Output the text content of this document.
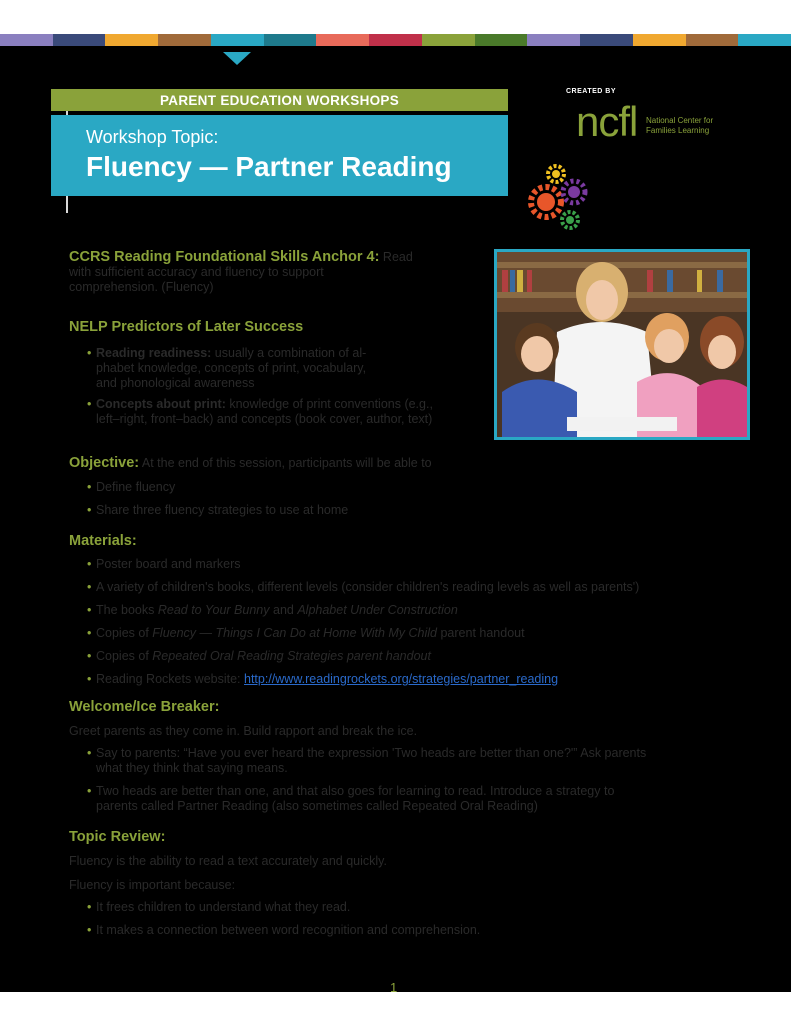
PARENT EDUCATION WORKSHOPS
Workshop Topic:
Fluency — Partner Reading
CREATED BY
ncfl National Center for
Families Learning
CCRS Reading Foundational Skills Anchor 4: Read
with sufficient accuracy and fluency to support
comprehension. (Fluency)
NELP Predictors of Later Success
• Reading readiness: usually a combination of al-
phabet knowledge, concepts of print, vocabulary,
and phonological awareness
• Concepts about print: knowledge of print conventions (e.g.,
left–right, front–back) and concepts (book cover, author, text)
Objective: At the end of this session, participants will be able to
• Define fluency
• Share three fluency strategies to use at home
Materials:
• Poster board and markers
• A variety of children's books, different levels (consider children's reading levels as well as parents')
• The books Read to Your Bunny and Alphabet Under Construction
• Copies of Fluency — Things I Can Do at Home With My Child parent handout
• Copies of Repeated Oral Reading Strategies parent handout
• Reading Rockets website: http://www.readingrockets.org/strategies/partner_reading
Welcome/Ice Breaker:
Greet parents as they come in. Build rapport and break the ice.
• Say to parents: “Have you ever heard the expression 'Two heads are better than one?'” Ask parents
what they think that saying means.
• Two heads are better than one, and that also goes for learning to read. Introduce a strategy to
parents called Partner Reading (also sometimes called Repeated Oral Reading)
Topic Review:
Fluency is the ability to read a text accurately and quickly.
Fluency is important because:
• It frees children to understand what they read.
• It makes a connection between word recognition and comprehension.
1
